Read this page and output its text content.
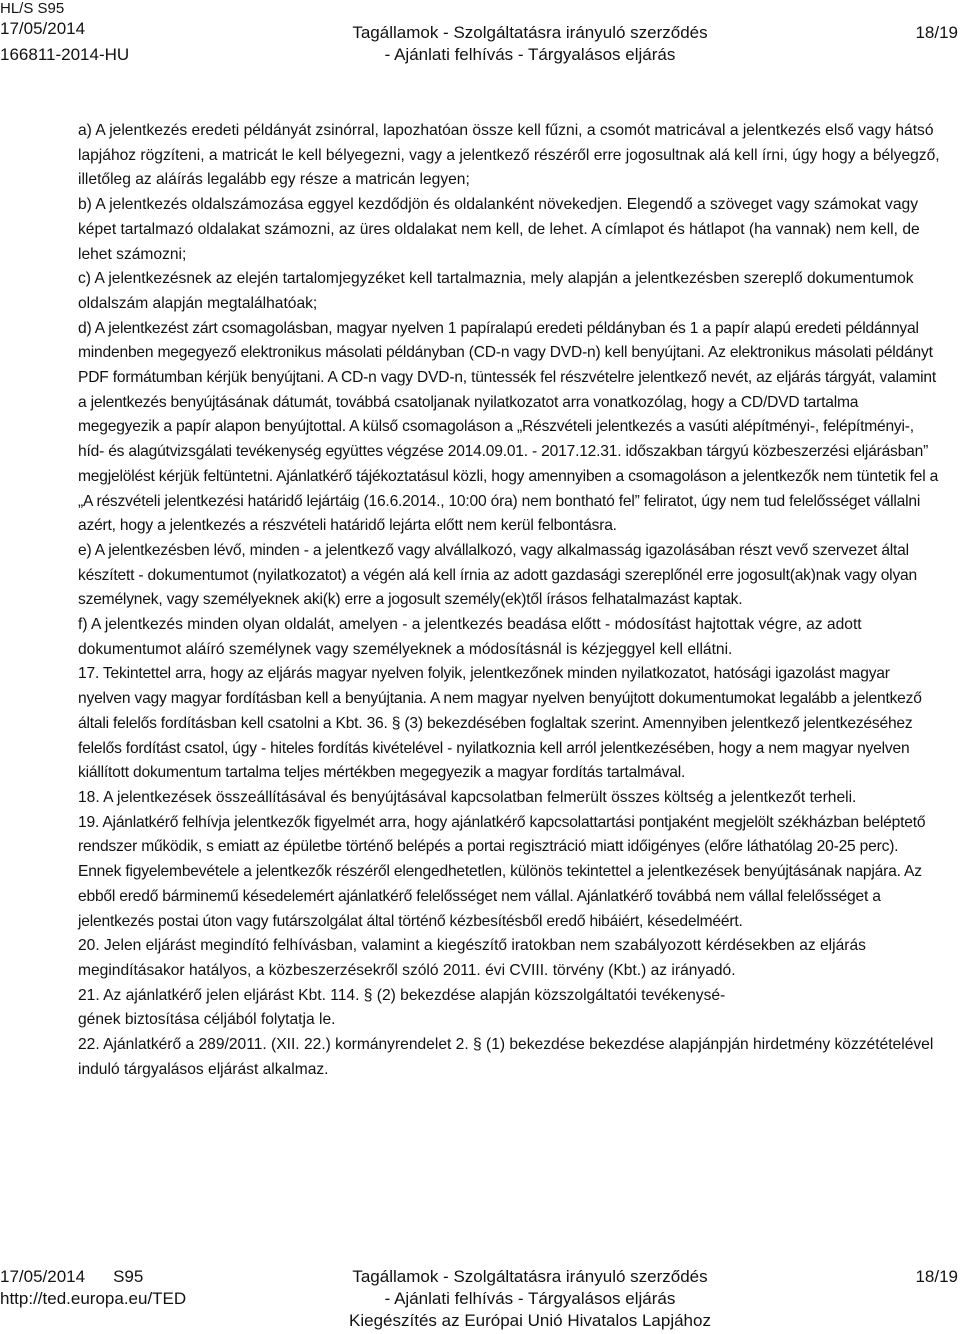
HL/S S95
17/05/2014
166811-2014-HU
Tagállamok - Szolgáltatásra irányuló szerződés
- Ajánlati felhívás - Tárgyalásos eljárás
18/19

a) A jelentkezés eredeti példányát zsinórral, lapozhatóan össze kell fűzni, a csomót matricával a jelentkezés első vagy hátsó lapjához rögzíteni, a matricát le kell bélyegezni, vagy a jelentkező részéről erre jogosultnak alá kell írni, úgy hogy a bélyegző, illetőleg az aláírás legalább egy része a matricán legyen;

b) A jelentkezés oldalszámozása eggyel kezdődjön és oldalanként növekedjen. Elegendő a szöveget vagy számokat vagy képet tartalmazó oldalakat számozni, az üres oldalakat nem kell, de lehet. A címlapot és hátlapot (ha vannak) nem kell, de lehet számozni;

c) A jelentkezésnek az elején tartalomjegyzéket kell tartalmaznia, mely alapján a jelentkezésben szereplő dokumentumok oldalszám alapján megtalálhatóak;

d) A jelentkezést zárt csomagolásban, magyar nyelven 1 papíralapú eredeti példányban és 1 a papír alapú eredeti példánnyal mindenben megegyező elektronikus másolati példányban (CD-n vagy DVD-n) kell benyújtani. Az elektronikus másolati példányt PDF formátumban kérjük benyújtani. A CD-n vagy DVD-n, tüntessék fel részvételre jelentkező nevét, az eljárás tárgyát, valamint a jelentkezés benyújtásának dátumát, továbbá csatoljanak nyilatkozatot arra vonatkozólag, hogy a CD/DVD tartalma megegyezik a papír alapon benyújtottal. A külső csomagoláson a „Részvételi jelentkezés a vasúti alépítményi-, felépítményi-, híd- és alagútvizsgálati tevékenység együttes végzése 2014.09.01. - 2017.12.31. időszakban tárgyú közbeszerzési eljárásban” megjelölést kérjük feltüntetni. Ajánlatkérő tájékoztatásul közli, hogy amennyiben a csomagoláson a jelentkezők nem tüntetik fel a „A részvételi jelentkezési határidő lejártáig (16.6.2014., 10:00 óra) nem bontható fel” feliratot, úgy nem tud felelősséget vállalni azért, hogy a jelentkezés a részvételi határidő lejárta előtt nem kerül felbontásra.

e) A jelentkezésben lévő, minden - a jelentkező vagy alvállalkozó, vagy alkalmasság igazolásában részt vevő szervezet által készített - dokumentumot (nyilatkozatot) a végén alá kell írnia az adott gazdasági szereplőnél erre jogosult(ak)nak vagy olyan személynek, vagy személyeknek aki(k) erre a jogosult személy(ek)től írásos felhatalmazást kaptak.

f) A jelentkezés minden olyan oldalát, amelyen - a jelentkezés beadása előtt - módosítást hajtottak végre, az adott dokumentumot aláíró személynek vagy személyeknek a módosításnál is kézjeggyel kell ellátni.

17. Tekintettel arra, hogy az eljárás magyar nyelven folyik, jelentkezőnek minden nyilatkozatot, hatósági igazolást magyar nyelven vagy magyar fordításban kell a benyújtania. A nem magyar nyelven benyújtott dokumentumokat legalább a jelentkező általi felelős fordításban kell csatolni a Kbt. 36. § (3) bekezdésében foglaltak szerint. Amennyiben jelentkező jelentkezéséhez felelős fordítást csatol, úgy - hiteles fordítás kivételével - nyilatkoznia kell arról jelentkezésében, hogy a nem magyar nyelven kiállított dokumentum tartalma teljes mértékben megegyezik a magyar fordítás tartalmával.

18. A jelentkezések összeállításával és benyújtásával kapcsolatban felmerült összes költség a jelentkezőt terheli.

19. Ajánlatkérő felhívja jelentkezők figyelmét arra, hogy ajánlatkérő kapcsolattartási pontjaként megjelölt székházban beléptető rendszer működik, s emiatt az épületbe történő belépés a portai regisztráció miatt időigényes (előre láthatólag 20-25 perc). Ennek figyelembevétele a jelentkezők részéről elengedhetetlen, különös tekintettel a jelentkezések benyújtásának napjára. Az ebből eredő bárminemű késedelemért ajánlatkérő felelősséget nem vállal. Ajánlatkérő továbbá nem vállal felelősséget a jelentkezés postai úton vagy futárszolgálat által történő kézbesítésből eredő hibáiért, késedelméért.

20. Jelen eljárást megindító felhívásban, valamint a kiegészítő iratokban nem szabályozott kérdésekben az eljárás megindításakor hatályos, a közbeszerzésekről szóló 2011. évi CVIII. törvény (Kbt.) az irányadó.

21. Az ajánlatkérő jelen eljárást Kbt. 114. § (2) bekezdése alapján közszolgáltatói tevékenysé-
gének biztosítása céljából folytatja le.

22. Ajánlatkérő a 289/2011. (XII. 22.) kormányrendelet 2. § (1) bekezdése bekezdése alapjánpján hirdetmény közzétételével induló tárgyalásos eljárást alkalmaz.

17/05/2014 S95
http://ted.europa.eu/TED
Tagállamok - Szolgáltatásra irányuló szerződés
- Ajánlati felhívás - Tárgyalásos eljárás
Kiegészítés az Európai Unió Hivatalos Lapjához
18/19
